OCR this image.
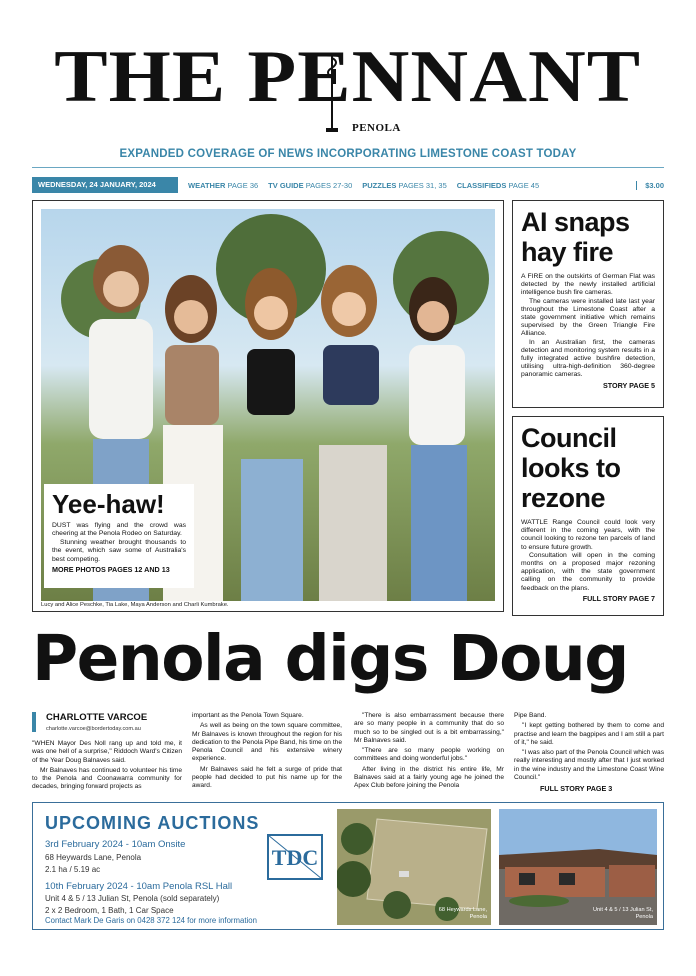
THE PENNANT
PENOLA
EXPANDED COVERAGE OF NEWS INCORPORATING LIMESTONE COAST TODAY
WEDNESDAY, 24 JANUARY, 2024	WEATHER PAGE 36 TV GUIDE PAGES 27-30 PUZZLES PAGES 31, 35 CLASSIFIEDS PAGE 45	$3.00
Lucy and Alice Peschke, Tia Lake, Maya Anderson and Charli Kumbrake.
Yee-haw!

DUST was flying and the crowd was cheering at the Penola Rodeo on Saturday.

Stunning weather brought thousands to the event, which saw some of Australia's best competing.

MORE PHOTOS PAGES 12 AND 13

AI snaps hay fire

A FIRE on the outskirts of German Flat was detected by the newly installed artificial intelligence bush fire cameras.

The cameras were installed late last year throughout the Limestone Coast after a state government initiative which remains supervised by the Green Triangle Fire Alliance.

In an Australian first, the cameras detection and monitoring system results in a fully integrated active bushfire detection, utilising ultra-high-definition 360-degree panoramic cameras.

STORY PAGE 5

Council looks to rezone

WATTLE Range Council could look very different in the coming years, with the council looking to rezone ten parcels of land to ensure future growth.

Consultation will open in the coming months on a proposed major rezoning application, with the state government calling on the community to provide feedback on the plans.

FULL STORY PAGE 7

Penola digs Doug
CHARLOTTE VARCOE
charlotte.varcoe@bordertoday.com.au

"WHEN Mayor Des Noll rang up and told me, it was one hell of a surprise," Riddoch Ward's Citizen of the Year Doug Balnaves said.

Mr Balnaves has continued to volunteer his time to the Penola and Coonawarra community for decades, bringing forward projects as

important as the Penola Town Square.

As well as being on the town square committee, Mr Balnaves is known throughout the region for his dedication to the Penola Pipe Band, his time on the Penola Council and his extensive winery experience.

Mr Balnaves said he felt a surge of pride that people had decided to put his name up for the award.

"There is also embarrassment because there are so many people in a community that do so much so to be singled out is a bit embarrassing," Mr Balnaves said.

"There are so many people working on committees and doing wonderful jobs."

After living in the district his entire life, Mr Balnaves said at a fairly young age he joined the Apex Club before joining the Penola

Pipe Band.

"I kept getting bothered by them to come and practise and learn the bagpipes and I am still a part of it," he said.

"I was also part of the Penola Council which was really interesting and mostly after that I just worked in the wine industry and the Limestone Coast Wine Council."

FULL STORY PAGE 3
UPCOMING AUCTIONS
3rd February 2024 - 10am Onsite
68 Heywards Lane, Penola
2.1 ha / 5.19 ac
10th February 2024 - 10am Penola RSL Hall
Unit 4 & 5 / 13 Julian St, Penola (sold separately)
2 x 2 Bedroom, 1 Bath, 1 Car Space
Contact Mark De Garis on 0428 372 124 for more information
TDC
68 Heywards Lane,
Penola
Unit 4 & 5 / 13 Julian St,
Penola
